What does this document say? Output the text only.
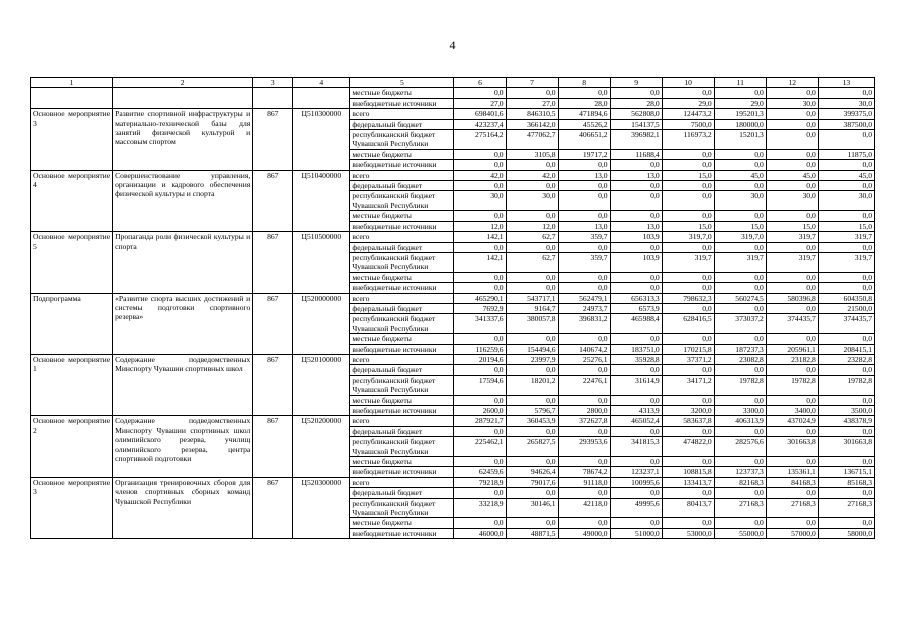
4
1	2	3	4	5	6	7	8	9	10	11	12	13
				местные бюджеты	0,0	0,0	0,0	0,0	0,0	0,0	0,0	0,0
				внебюджетные источники	27,0	27,0	28,0	28,0	29,0	29,0	30,0	30,0
Основное мероприятие 3	Развитие спортивной инфраструктуры и материально-технической базы для занятий физической культурой и массовым спортом	867	Ц510300000	всего	698401,6	846310,5	471894,6	562808,0	124473,2	195201,3	0,0	399375,0
				федеральный бюджет	423237,4	366142,0	45526,2	154137,5	7500,0	180000,0	0,0	387500,0
				республиканский бюджет Чувашской Республики	275164,2	477062,7	406651,2	396982,1	116973,2	15201,3	0,0	0,0
				местные бюджеты	0,0	3105,8	19717,2	11688,4	0,0	0,0	0,0	11875,0
				внебюджетные источники	0,0	0,0	0,0	0,0	0,0	0,0	0,0	0,0
Основное мероприятие 4	Совершенствование управления, организации и кадрового обеспечения физической культуры и спорта	867	Ц510400000	всего	42,0	42,0	13,0	13,0	15,0	45,0	45,0	45,0
				федеральный бюджет	0,0	0,0	0,0	0,0	0,0	0,0	0,0	0,0
				республиканский бюджет Чувашской Республики	30,0	30,0	0,0	0,0	0,0	30,0	30,0	30,0
				местные бюджеты	0,0	0,0	0,0	0,0	0,0	0,0	0,0	0,0
				внебюджетные источники	12,0	12,0	13,0	13,0	15,0	15,0	15,0	15,0
Основное мероприятие 5	Пропаганда роли физической культуры и спорта	867	Ц510500000	всего	142,1	62,7	359,7	103,9	319,7,0	319,7,0	319,7	319,7
				федеральный бюджет	0,0	0,0	0,0	0,0	0,0	0,0	0,0	0,0
				республиканский бюджет Чувашской Республики	142,1	62,7	359,7	103,9	319,7	319,7	319,7	319,7
				местные бюджеты	0,0	0,0	0,0	0,0	0,0	0,0	0,0	0,0
				внебюджетные источники	0,0	0,0	0,0	0,0	0,0	0,0	0,0	0,0
Подпрограмма	«Развитие спорта высших достижений и системы подготовки спортивного резерва»	867	Ц520000000	всего	465290,1	543717,1	562479,1	656313,3	798632,3	560274,5	580396,8	604350,8
				федеральный бюджет	7692,9	9164,7	24973,7	6573,9	0,0	0,0	0,0	21500,0
				республиканский бюджет Чувашской Республики	341337,6	380057,8	396831,2	465988,4	628416,5	373037,2	374435,7	374435,7
				местные бюджеты	0,0	0,0	0,0	0,0	0,0	0,0	0,0	0,0
				внебюджетные источники	116259,6	154494,6	140674,2	183751,0	170215,8	187237,3	205961,1	208415,1
Основное мероприятие 1	Содержание подведомственных Минспорту Чувашии спортивных школ	867	Ц520100000	всего	20194,6	23997,9	25276,1	35928,8	37371,2	23082,8	23182,8	23282,8
				федеральный бюджет	0,0	0,0	0,0	0,0	0,0	0,0	0,0	0,0
				республиканский бюджет Чувашской Республики	17594,6	18201,2	22476,1	31614,9	34171,2	19782,8	19782,8	19782,8
				местные бюджеты	0,0	0,0	0,0	0,0	0,0	0,0	0,0	0,0
				внебюджетные источники	2600,0	5796,7	2800,0	4313,9	3200,0	3300,0	3400,0	3500,0
Основное мероприятие 2	Содержание подведомственных Минспорту Чувашии спортивных школ олимпийского резерва, училищ олимпийского резерва, центра спортивной подготовки	867	Ц520200000	всего	287921,7	360453,9	372627,8	465052,4	583637,8	406313,9	437024,9	438378,9
				федеральный бюджет	0,0	0,0	0,0	0,0	0,0	0,0	0,0	0,0
				республиканский бюджет Чувашской Республики	225462,1	265827,5	293953,6	341815,3	474822,0	282576,6	301663,8	301663,8
				местные бюджеты	0,0	0,0	0,0	0,0	0,0	0,0	0,0	0,0
				внебюджетные источники	62459,6	94626,4	78674,2	123237,1	108815,8	123737,3	135361,1	136715,1
Основное мероприятие 3	Организация тренировочных сборов для членов спортивных сборных команд Чувашской Республики	867	Ц520300000	всего	79218,9	79017,6	91118,0	100995,6	133413,7	82168,3	84168,3	85168,3
				федеральный бюджет	0,0	0,0	0,0	0,0	0,0	0,0	0,0	0,0
				республиканский бюджет Чувашской Республики	33218,9	30146,1	42118,0	49995,6	80413,7	27168,3	27168,3	27168,3
				местные бюджеты	0,0	0,0	0,0	0,0	0,0	0,0	0,0	0,0
				внебюджетные источники	46000,0	48871,5	49000,0	51000,0	53000,0	55000,0	57000,0	58000,0
